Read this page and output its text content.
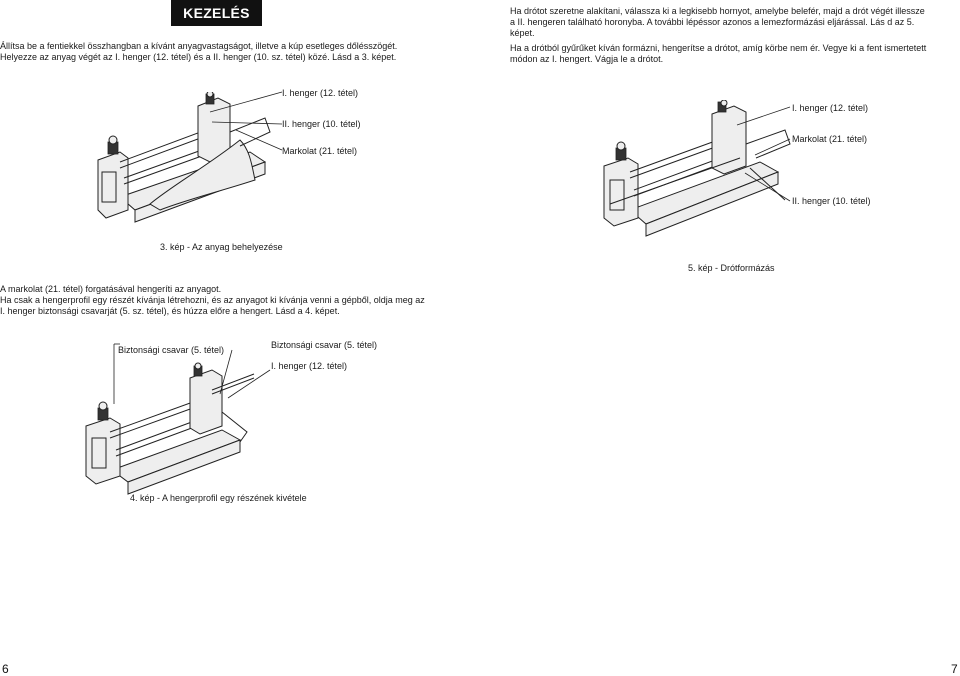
KEZELÉS
Állítsa be a fentiekkel összhangban a kívánt anyagvastagságot, illetve a kúp esetleges dőlésszögét.
Helyezze az anyag végét az I. henger (12. tétel) és a II. henger (10. sz. tétel) közé. Lásd a 3. képet.
Ha drótot szeretne alakítani, válassza ki a legkisebb hornyot, amelybe belefér, majd a drót végét illessze
a II. hengeren található horonyba. A további lépéssor azonos a lemezformázási eljárással. Lás d az 5.
képet.
Ha a drótból gyűrűket kíván formázni, hengerítse a drótot, amíg körbe nem ér. Vegye ki a fent ismertetett
módon az I. hengert. Vágja le a drótot.
I. henger (12. tétel)
II. henger (10. tétel)
Markolat (21. tétel)
3. kép - Az anyag behelyezése
I. henger (12. tétel)
Markolat (21. tétel)
II. henger (10. tétel)
5. kép - Drótformázás
A markolat (21. tétel) forgatásával hengeríti az anyagot.
Ha csak a hengerprofil egy részét kívánja létrehozni, és az anyagot ki kívánja venni a gépből, oldja meg az
I. henger biztonsági csavarját (5. sz. tétel), és húzza előre a hengert. Lásd a 4. képet.
Biztonsági csavar (5. tétel)	Biztonsági csavar (5. tétel)
I. henger (12. tétel)
4. kép - A hengerprofil egy részének kivétele
6	7
